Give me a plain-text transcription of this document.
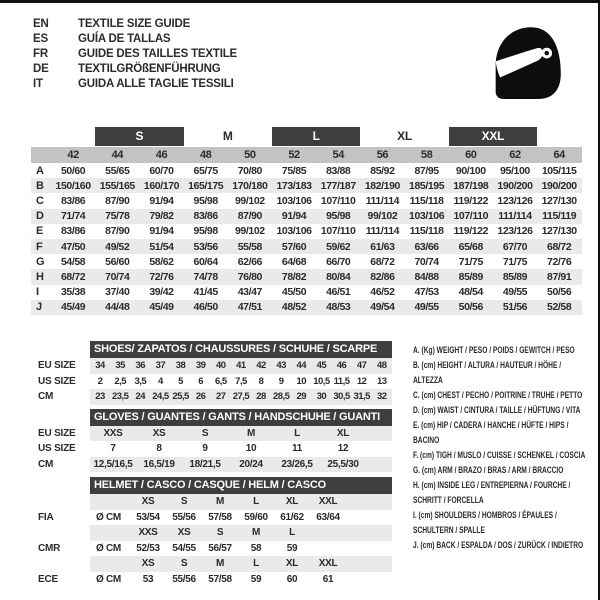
EN	TEXTILE SIZE GUIDE
ES	GUÍA DE TALLAS
FR	GUIDE DES TAILLES TEXTILE
DE	TEXTILGRÖßENFÜHRUNG
IT	GUIDA ALLE TAGLIE TESSILI
S	M	L	XL	XXL
42	44	46	48	50	52	54	56	58	60	62	64
A	50/60	55/65	60/70	65/75	70/80	75/85	83/88	85/92	87/95	90/100	95/100	105/115
B	150/160 155/165 160/170 165/175 170/180 173/183 177/187 182/190 185/195 187/198 190/200 190/200
C	83/86	87/90	91/94	95/98	99/102	103/106 107/110 111/114 115/118 119/122 123/126 127/130
D	71/74	75/78	79/82	83/86	87/90	91/94	95/98	99/102	103/106 107/110 111/114 115/119
E	83/86	87/90	91/94	95/98	99/102	103/106 107/110 111/114 115/118 119/122 123/126 127/130
F	47/50	49/52	51/54	53/56	55/58	57/60	59/62	61/63	63/66	65/68	67/70	68/72
G	54/58	56/60	58/62	60/64	62/66	64/68	66/70	68/72	70/74	71/75	71/75	72/76
H	68/72	70/74	72/76	74/78	76/80	78/82	80/84	82/86	84/88	85/89	85/89	87/91
I	35/38	37/40	39/42	41/45	43/47	45/50	46/51	46/52	47/53	48/54	49/55	50/56
J	45/49	44/48	45/49	46/50	47/51	48/52	48/53	49/54	49/55	50/56	51/56	52/58
SHOES/ ZAPATOS / CHAUSSURES / SCHUHE / SCARPE
EU SIZE	34	35	36	37	38	39	40	41	42	43	44	45	46	47	48
US SIZE	2	2,5 3,5	4	5	6	6,5 7,5	8	9	10 10,5 11,5 12	13
CM	23 23,5 24 24,5 25,5 26	27 27,5 28 28,5 29	30 30,5 31,5 32
GLOVES / GUANTES / GANTS / HANDSCHUHE / GUANTI
EU SIZE	XXS	XS	S	M	L	XL
US SIZE	7	8	9	10	11	12
CM	12,5/16,5	16,5/19	18/21,5	20/24	23/26,5	25,5/30
HELMET / CASCO / CASQUE / HELM / CASCO
XS	S	M	L	XL	XXL
FIA	Ø CM	53/54	55/56	57/58	59/60	61/62	63/64
XXS	XS	S	M	L
CMR	Ø CM	52/53	54/55	56/57	58	59
XS	S	M	L	XL	XXL
ECE	Ø CM	53	55/56	57/58	59	60	61
A. (Kg) WEIGHT / PESO / POIDS / GEWITCH / PESO
B. (cm) HEIGHT / ALTURA / HAUTEUR / HÖHE / ALTEZZA
C. (cm) CHEST / PECHO / POITRINE / TRUHE / PETTO
D. (cm) WAIST / CINTURA / TAILLE / HÜFTUNG / VITA
E. (cm) HIP / CADERA / HANCHE / HÜFTE / HIPS / BACINO
F. (cm) TIGH / MUSLO / CUISSE / SCHENKEL / COSCIA
G. (cm) ARM / BRAZO / BRAS / ARM / BRACCIO
H. (cm) INSIDE LEG / ENTREPIERNA / FOURCHE / SCHRITT / FORCELLA
I. (cm) SHOULDERS / HOMBROS / ÉPAULES / SCHULTERN / SPALLE
J. (cm) BACK / ESPALDA / DOS / ZURÜCK / INDIETRO
